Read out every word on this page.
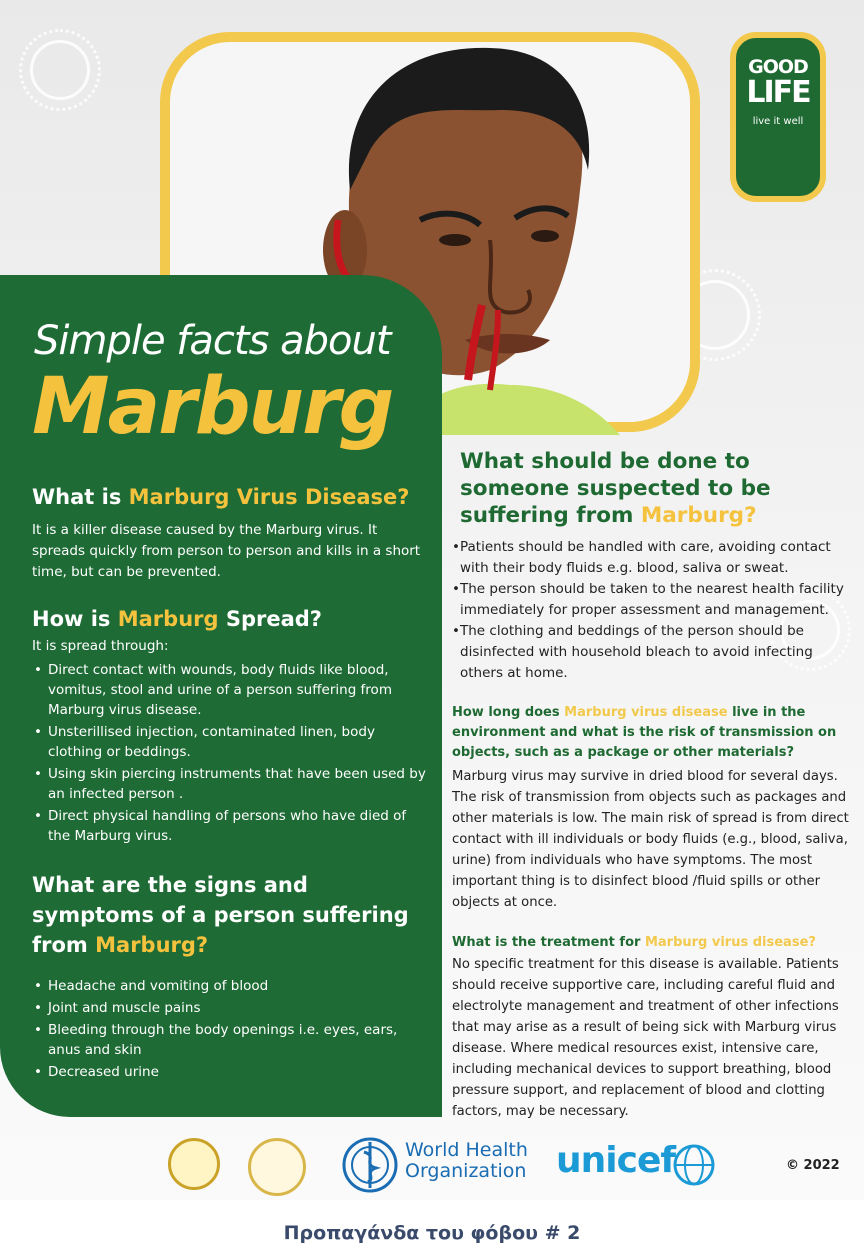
GOOD
LIFE
live it well
Simple facts about
Marburg
What is Marburg Virus Disease?

It is a killer disease caused by the Marburg virus. It spreads quickly from person to person and kills in a short time, but can be prevented.

How is Marburg Spread?

It is spread through:

• Direct contact with wounds, body fluids like blood, vomitus, stool and urine of a person suffering from Marburg virus disease.
• Unsterillised injection, contaminated linen, body clothing or beddings.
• Using skin piercing instruments that have been used by an infected person .
• Direct physical handling of persons who have died of the Marburg virus.
What are the signs and symptoms of a person suffering from Marburg?
• Headache and vomiting of blood
• Joint and muscle pains
• Bleeding through the body openings i.e. eyes, ears, anus and skin
• Decreased urine
What should be done to someone suspected to be suffering from Marburg?
• Patients should be handled with care, avoiding contact with their body fluids e.g. blood, saliva or sweat.
• The person should be taken to the nearest health facility immediately for proper assessment and management.
• The clothing and beddings of the person should be disinfected with household bleach to avoid infecting others at home.
How long does Marburg virus disease live in the environment and what is the risk of transmission on objects, such as a package or other materials?

Marburg virus may survive in dried blood for several days. The risk of transmission from objects such as packages and other materials is low. The main risk of spread is from direct contact with ill individuals or body fluids (e.g., blood, saliva, urine) from individuals who have symptoms. The most important thing is to disinfect blood /fluid spills or other objects at once.

What is the treatment for Marburg virus disease?

No specific treatment for this disease is available. Patients should receive supportive care, including careful fluid and electrolyte management and treatment of other infections that may arise as a result of being sick with Marburg virus disease. Where medical resources exist, intensive care, including mechanical devices to support breathing, blood pressure support, and replacement of blood and clotting factors, may be necessary.

World Health
Organization unicef	© 2022
Προπαγάνδα του φόβου # 2
